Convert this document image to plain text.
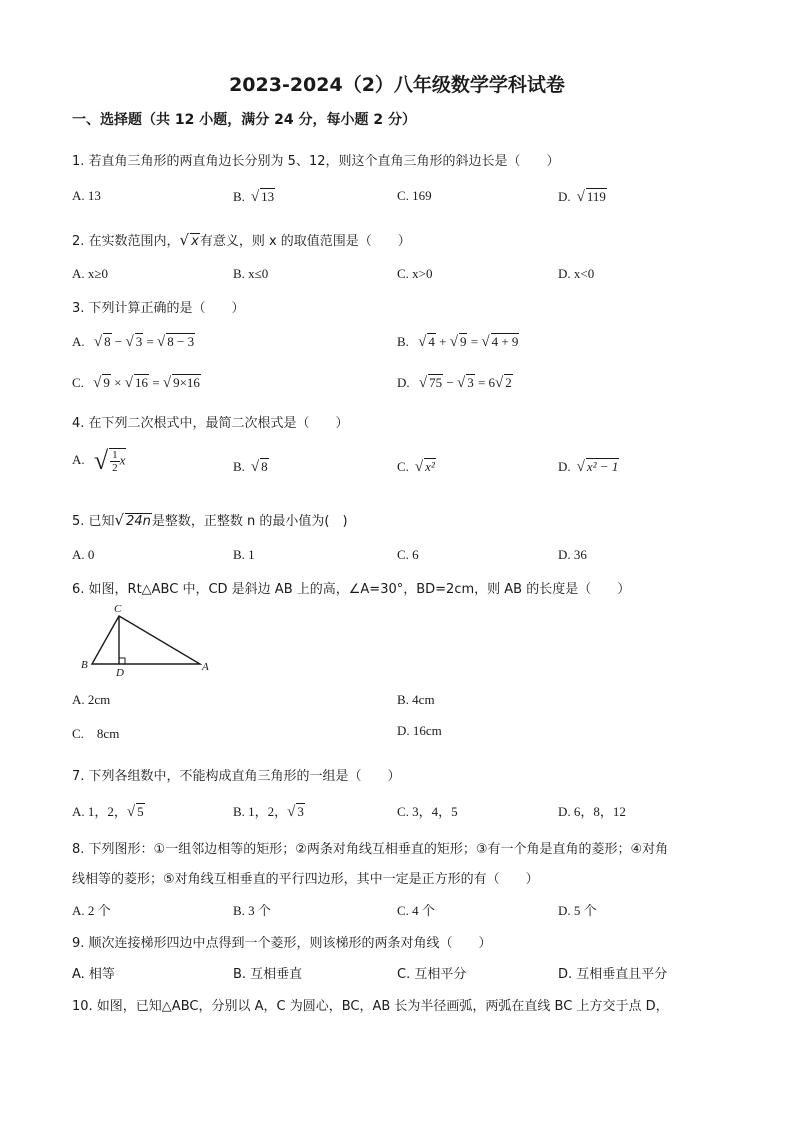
2023-2024（2）八年级数学学科试卷
一、选择题（共 12 小题，满分 24 分，每小题 2 分）
1. 若直角三角形的两直角边长分别为 5、12，则这个直角三角形的斜边长是（　　）
A. 13	B. √ 13	C. 169	D. √ 119
2. 在实数范围内，√ x有意义，则 x 的取值范围是（　　）
A. x≥0	B. x≤0	C. x>0	D. x<0
3. 下列计算正确的是（　　）
A. √ 8 − √ 3 = √ 8 − 3	B. √ 4 + √ 9 = √ 4 + 9
C. √ 9 × √ 16 = √ 9×16	D. √ 75 − √ 3 = 6√ 2
4. 在下列二次根式中，最简二次根式是（　　）
A. √ $\frac{1}{2}$ x	B. √ 8	C. √ x²	D. √ x² − 1
5. 已知√ 24n是整数，正整数 n 的最小值为(　)
A. 0	B. 1	C. 6	D. 36
6. 如图，Rt△ABC 中，CD 是斜边 AB 上的高，∠A=30°，BD=2cm，则 AB 的长度是（　　）
C
B
D	A
A. 2cm	B. 4cm
C.　8cm	D. 16cm
7. 下列各组数中，不能构成直角三角形的一组是（　　）
A. 1，2，√ 5	B. 1，2，√ 3	C. 3，4，5	D. 6，8，12
8. 下列图形：①一组邻边相等的矩形；②两条对角线互相垂直的矩形；③有一个角是直角的菱形；④对角
线相等的菱形；⑤对角线互相垂直的平行四边形，其中一定是正方形的有（　　）
A. 2 个	B. 3 个	C. 4 个	D. 5 个
9. 顺次连接梯形四边中点得到一个菱形，则该梯形的两条对角线（　　）
A. 相等	B. 互相垂直	C. 互相平分	D. 互相垂直且平分
10. 如图，已知△ABC，分别以 A，C 为圆心，BC，AB 长为半径画弧，两弧在直线 BC 上方交于点 D，
